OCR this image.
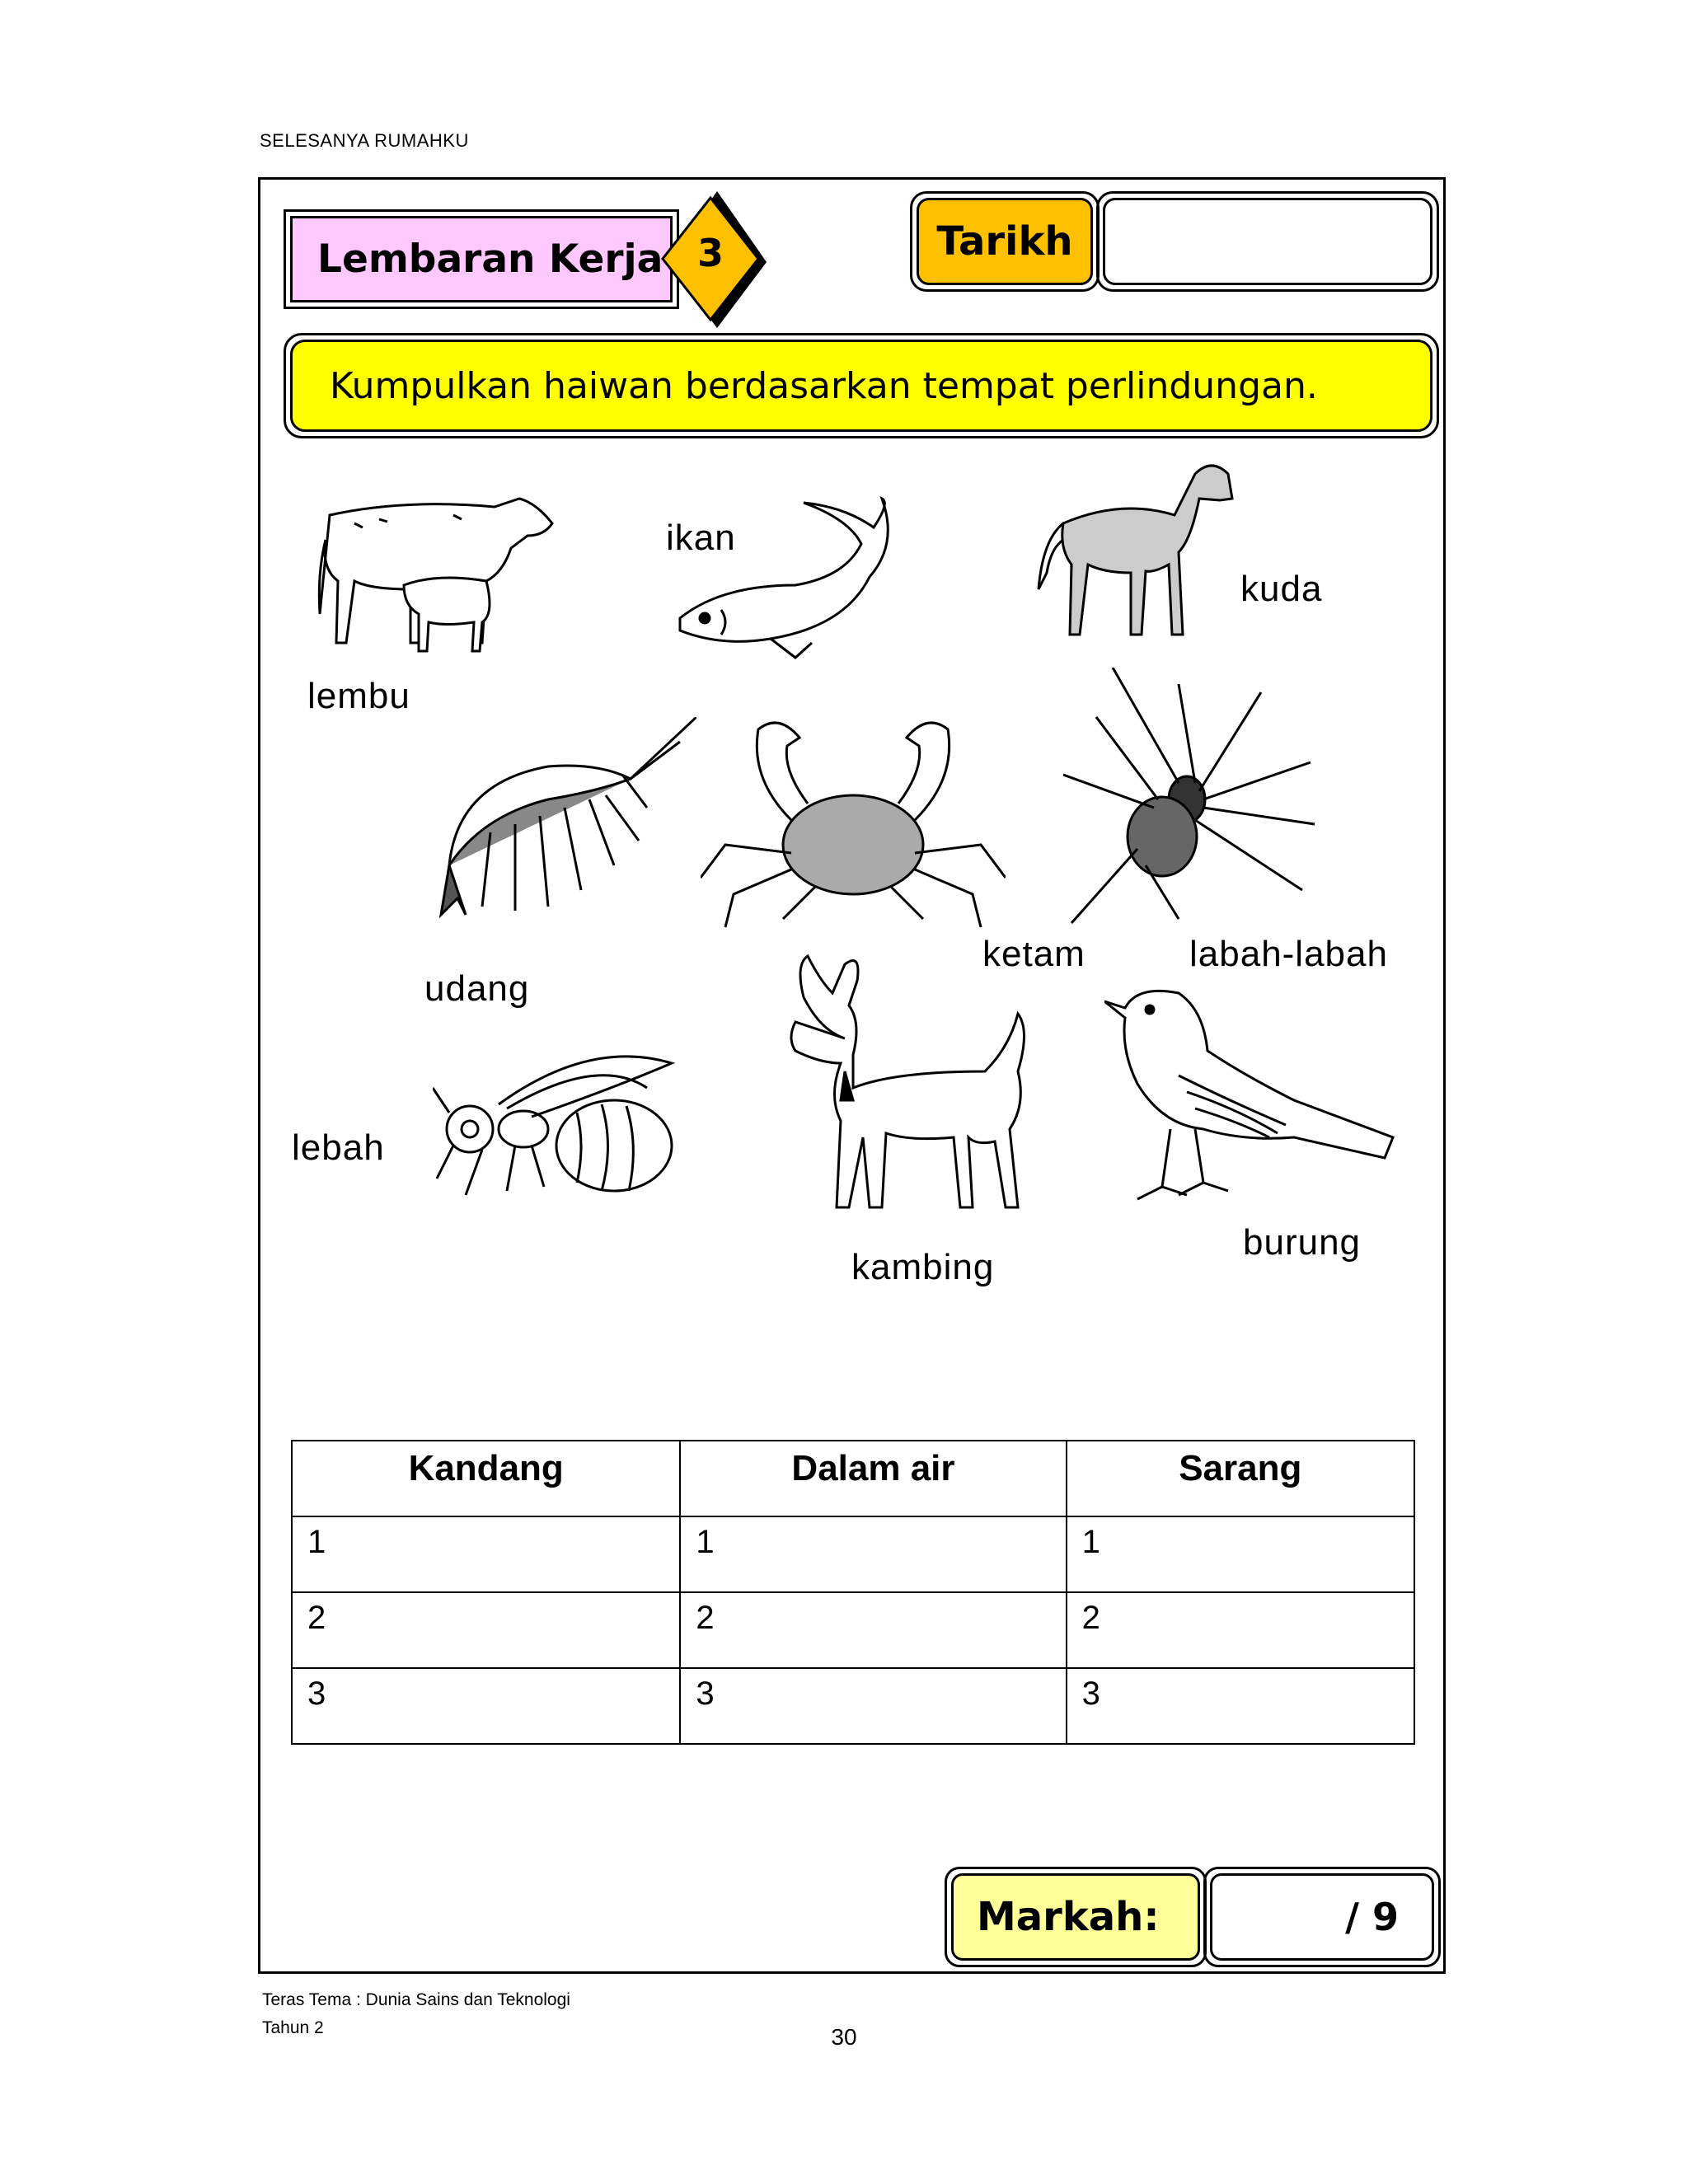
SELESANYA RUMAHKU
Lembaran Kerja 3	Tarikh
Kumpulkan haiwan berdasarkan tempat perlindungan.
lembu
ikan
kuda
udang
ketam	labah-labah
lebah
kambing
burung
Kandang	Dalam air	Sarang
1	1	1
2	2	2
3	3	3
Markah:	/ 9
Teras Tema : Dunia Sains dan Teknologi
Tahun 2	30
